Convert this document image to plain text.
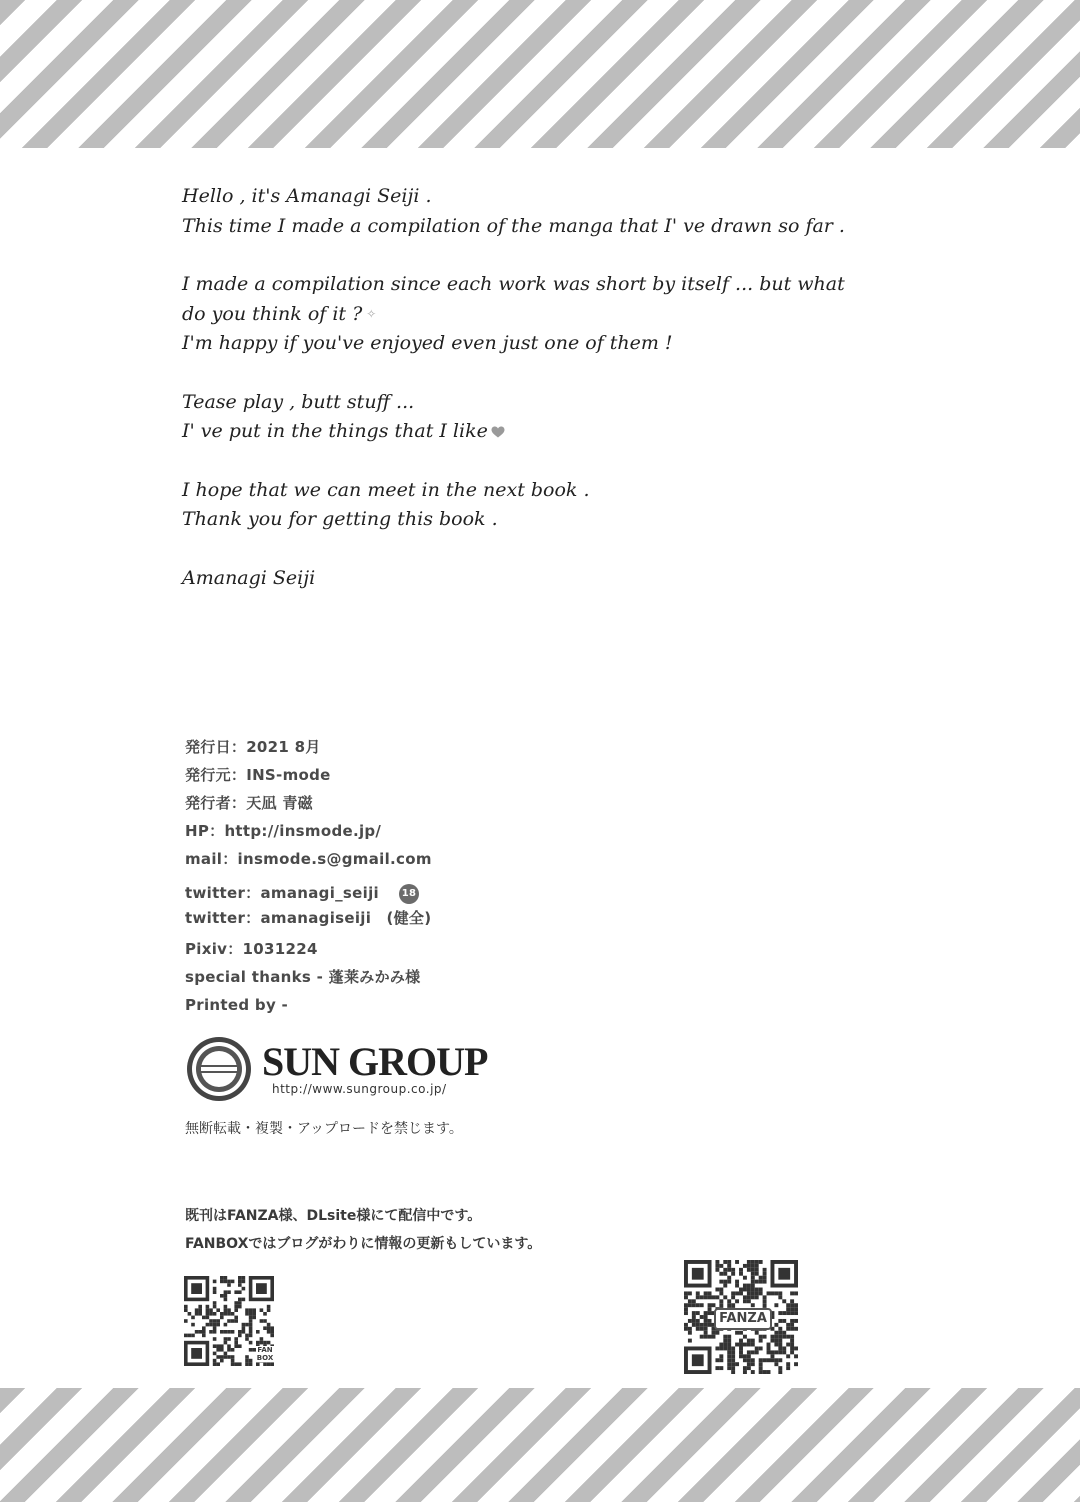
Hello , it's Amanagi Seiji .
This time I made a compilation of the manga that I' ve drawn so far .
I made a compilation since each work was short by itself ... but what
do you think of it ? ✧
I'm happy if you've enjoyed even just one of them !
Tease play , butt stuff ...
I' ve put in the things that I like
I hope that we can meet in the next book .
Thank you for getting this book .
Amanagi Seiji
発行日：2021 8月
発行元：INS-mode
発行者：天凪 青磁
HP：http://insmode.jp/
mail：insmode.s@gmail.com
twitter：amanagi_seiji 18
twitter：amanagiseiji　(健全)
Pixiv：1031224
special thanks - 蓬莱みかみ様
Printed by -
SUN GROUP
http://www.sungroup.co.jp/
無断転載・複製・アップロードを禁じます。
既刊はFANZA様、DLsite様にて配信中です。
FANBOXではブログがわりに情報の更新もしています。
FAN BOX
FANZA
